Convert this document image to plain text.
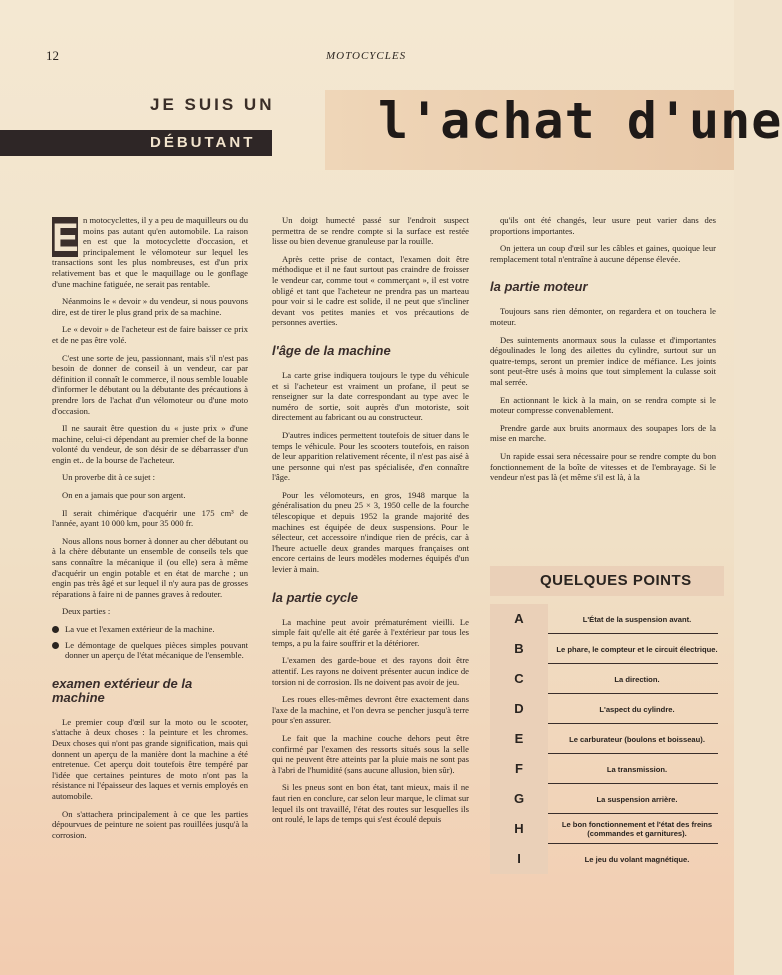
12	MOTOCYCLES
JE SUIS UN
DÉBUTANT l'achat d'une

E n motocyclettes, il y a peu de maquilleurs ou du moins pas autant qu'en automobile. La raison en est que la motocyclette d'occasion, et principalement le vélomoteur sur lequel les transactions sont les plus nombreuses, est d'un prix relativement bas et que le maquillage ou le gonflage d'une machine fatiguée, ne serait pas rentable.

Néanmoins le « devoir » du vendeur, si nous pouvons dire, est de tirer le plus grand prix de sa machine.

Le « devoir » de l'acheteur est de faire baisser ce prix et de ne pas être volé.

C'est une sorte de jeu, passionnant, mais s'il n'est pas besoin de donner de conseil à un vendeur, car par définition il connaît le commerce, il nous semble louable d'informer le débutant ou la débutante des précautions à prendre lors de l'achat d'un vélomoteur ou d'une moto d'occasion.

Il ne saurait être question du « juste prix » d'une machine, celui-ci dépendant au premier chef de la bonne volonté du vendeur, de son désir de se débarrasser d'un engin et.. de la bourse de l'acheteur.

Un proverbe dit à ce sujet :

On en a jamais que pour son argent.

Il serait chimérique d'acquérir une 175 cm³ de l'année, ayant 10 000 km, pour 35 000 fr.

Nous allons nous borner à donner au cher débutant ou à la chère débutante un ensemble de conseils tels que sans connaître la mécanique il (ou elle) sera à même d'acquérir un engin potable et en état de marche ; un engin pas très âgé et sur lequel il n'y aura pas de grosses réparations à faire ni de pannes graves à redouter.

Deux parties :

La vue et l'examen extérieur de la machine.
Le démontage de quelques pièces simples pouvant donner un aperçu de l'état mécanique de l'ensemble.
examen extérieur de la machine

Le premier coup d'œil sur la moto ou le scooter, s'attache à deux choses : la peinture et les chromes. Deux choses qui n'ont pas grande signification, mais qui donnent un aperçu de la manière dont la machine a été entretenue. Cet aperçu doit toutefois être tempéré par l'idée que certaines peintures de moto n'ont pas la résistance ni l'épaisseur des laques et vernis employés en automobile.

On s'attachera principalement à ce que les parties dépourvues de peinture ne soient pas rouillées jusqu'à la corrosion.

Un doigt humecté passé sur l'endroit suspect permettra de se rendre compte si la surface est restée lisse ou bien devenue granuleuse par la rouille.

Après cette prise de contact, l'examen doit être méthodique et il ne faut surtout pas craindre de froisser le vendeur car, comme tout « commerçant », il est votre obligé et tant que l'acheteur ne prendra pas un marteau pour voir si le cadre est solide, il ne peut que s'incliner devant vos petites manies et vos précautions de personnes averties.

l'âge de la machine

La carte grise indiquera toujours le type du véhicule et si l'acheteur est vraiment un profane, il peut se renseigner sur la date correspondant au type avec le numéro de sortie, soit auprès d'un motoriste, soit directement au fabricant ou au constructeur.

D'autres indices permettent toutefois de situer dans le temps le véhicule. Pour les scooters toutefois, en raison de leur apparition relativement récente, il n'est pas aisé à une personne qui n'est pas spécialisée, d'en connaître l'âge.

Pour les vélomoteurs, en gros, 1948 marque la généralisation du pneu 25 × 3, 1950 celle de la fourche télescopique et depuis 1952 la grande majorité des machines est équipée de deux suspensions. Pour le sélecteur, cet accessoire n'indique rien de précis, car à l'heure actuelle deux grandes marques françaises ont encore certains de leurs modèles modernes équipés d'un levier à main.

la partie cycle

La machine peut avoir prématurément vieilli. Le simple fait qu'elle ait été garée à l'extérieur par tous les temps, a pu la faire souffrir et la détériorer.

L'examen des garde-boue et des rayons doit être attentif. Les rayons ne doivent présenter aucun indice de torsion ni de corrosion. Ils ne doivent pas avoir de jeu.

Les roues elles-mêmes devront être exactement dans l'axe de la machine, et l'on devra se pencher jusqu'à terre pour s'en assurer.

Le fait que la machine couche dehors peut être confirmé par l'examen des ressorts situés sous la selle qui ne peuvent être atteints par la pluie mais ne sont pas à l'abri de l'humidité (sans aucune allusion, bien sûr).

Si les pneus sont en bon état, tant mieux, mais il ne faut rien en conclure, car selon leur marque, le climat sur lequel ils ont travaillé, l'état des routes sur lesquelles ils ont roulé, le laps de temps qui s'est écoulé depuis

qu'ils ont été changés, leur usure peut varier dans des proportions importantes.

On jettera un coup d'œil sur les câbles et gaines, quoique leur remplacement total n'entraîne à aucune dépense élevée.

la partie moteur

Toujours sans rien démonter, on regardera et on touchera le moteur.

Des suintements anormaux sous la culasse et d'importantes dégoulinades le long des ailettes du cylindre, surtout sur un quatre-temps, seront un premier indice de méfiance. Les joints sont peut-être usés à moins que tout simplement la culasse soit mal serrée.

En actionnant le kick à la main, on se rendra compte si le moteur compresse convenablement.

Prendre garde aux bruits anormaux des soupapes lors de la mise en marche.

Un rapide essai sera nécessaire pour se rendre compte du bon fonctionnement de la boîte de vitesses et de l'embrayage. Si le vendeur n'est pas là (et même s'il est là, à la

QUELQUES POINTS
A	L'État de la suspension avant.
B	Le phare, le compteur et le circuit électrique.
C	La direction.
D	L'aspect du cylindre.
E	Le carburateur (boulons et boisseau).
F	La transmission.
G	La suspension arrière.
H	Le bon fonctionnement et l'état des freins (commandes et garnitures).
I	Le jeu du volant magnétique.
